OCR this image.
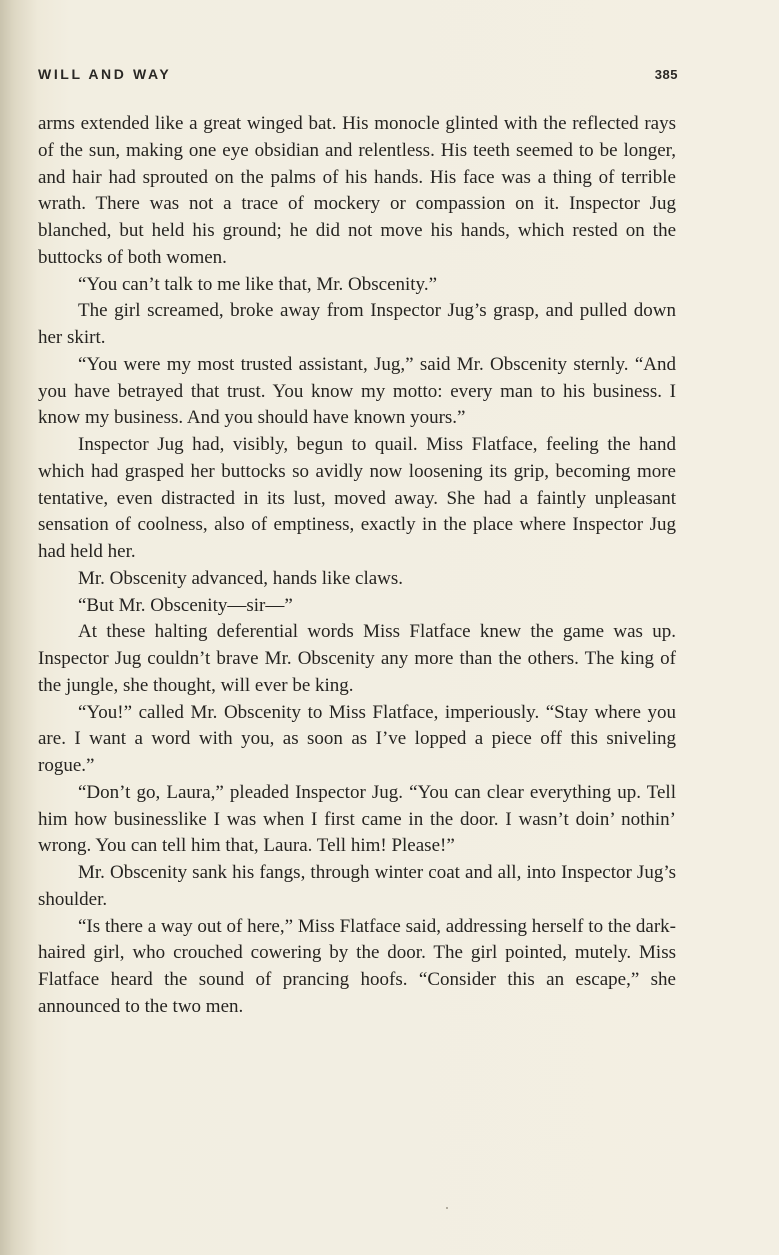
WILL AND WAY	385

arms extended like a great winged bat. His monocle glinted with the reflected rays of the sun, making one eye obsidian and relentless. His teeth seemed to be longer, and hair had sprouted on the palms of his hands. His face was a thing of terrible wrath. There was not a trace of mockery or compassion on it. Inspector Jug blanched, but held his ground; he did not move his hands, which rested on the buttocks of both women.

“You can’t talk to me like that, Mr. Obscenity.”

The girl screamed, broke away from Inspector Jug’s grasp, and pulled down her skirt.

“You were my most trusted assistant, Jug,” said Mr. Obscenity sternly. “And you have betrayed that trust. You know my motto: every man to his business. I know my business. And you should have known yours.”

Inspector Jug had, visibly, begun to quail. Miss Flatface, feeling the hand which had grasped her buttocks so avidly now loosening its grip, becoming more tentative, even distracted in its lust, moved away. She had a faintly unpleasant sensation of coolness, also of emptiness, exactly in the place where Inspector Jug had held her.

Mr. Obscenity advanced, hands like claws.

“But Mr. Obscenity—sir—”

At these halting deferential words Miss Flatface knew the game was up. Inspector Jug couldn’t brave Mr. Obscenity any more than the others. The king of the jungle, she thought, will ever be king.

“You!” called Mr. Obscenity to Miss Flatface, imperiously. “Stay where you are. I want a word with you, as soon as I’ve lopped a piece off this sniveling rogue.”

“Don’t go, Laura,” pleaded Inspector Jug. “You can clear everything up. Tell him how businesslike I was when I first came in the door. I wasn’t doin’ nothin’ wrong. You can tell him that, Laura. Tell him! Please!”

Mr. Obscenity sank his fangs, through winter coat and all, into Inspector Jug’s shoulder.

“Is there a way out of here,” Miss Flatface said, addressing herself to the dark-haired girl, who crouched cowering by the door. The girl pointed, mutely. Miss Flatface heard the sound of prancing hoofs. “Consider this an escape,” she announced to the two men.
